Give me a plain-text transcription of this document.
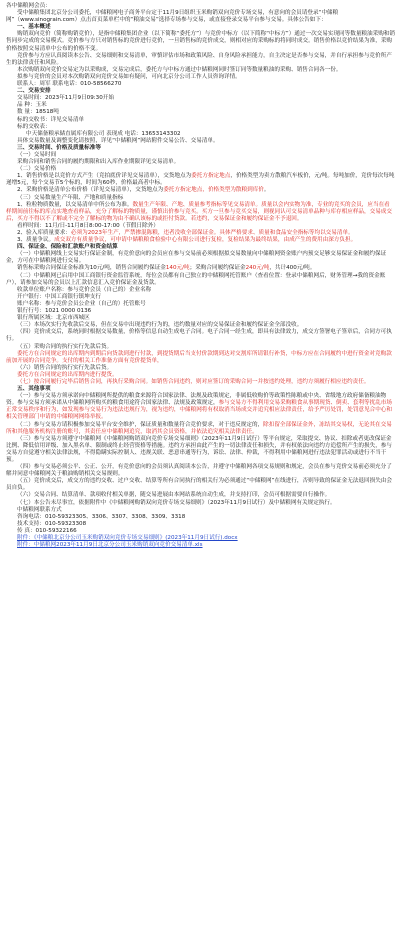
各中储粮网会员：

受中储粮集团北京分公司委托，中储粮网电子商务平台定于11月9日组织玉米购销双向竞价专场交易，有意向的会员请登录“中储粮网”（www.sinograin.com）点击首页菜单栏中的“粮油交易”选择专场参与交易，或直接登录交易平台参与交易。具体公告如下：

一、基本概述

购销双向竞价（简称购销竞价），是指中储粮集团企业（以下简称“委托方”）与竞价中标方（以下简称“中标方”）通过一次交易实现同等数量粮油采购和销售同步完成的交易模式。竞价参与方只对销售标的竞价进行竞价，一旦销售标的竞价成交，则相对应的采购标的将同时成交。销售价格以竞价结果为准，采购价格按照交易清单中公布的价格不变。

竞价参与方应认真阅读本公告、交易细则和交易清单，审慎评估市场和政策风险、自身风险承担能力，自主决定是否参与交易，并自行承担参与竞价所产生的法律责任和风险。

本次购销双向竞价交易定为以采购成，交易完成后，委托方与中标方通过中储粮网同时签订同等数量粮油的采购、销售合同各一份。

拟参与竞价的会员对本次购销双向竞价交易如有疑问，可向北京分公司工作人员咨询详情。

联系人：周军 联系电话：010-58566270

二、交易安排

交易时间：2023年11月9日09:30开始

品 种：玉米

数 量：18518吨

标的交收书：详见交易清单

标的交收表：

中天储备粮承储直属库有限公司 表现成 电话：13653143302

具体交易数量及调整变化请按照，详见“中储粮网”网站附件交易公告、交易清单。

三、交易时间、价格及质量标准等

（一）交易时间

采购合同和销售合同的履约期限和出入库作业期限详见交易清单。

（二）交易价格

1、销售价格是以竞价方式产生（竞拍底价详见交易清单），交货地点为委托方指定地点，价格类型为卖方散粮汽车板价，元/吨。每吨加价，竞价每次每吨递增5元，每个交易节5个标的，时间为60秒，价格最高者中标。

2、采购价格是清单公布价格（详见交易清单），交货地点为委托方指定地点，价格类型为散粮到库价。

（三）交易数量生产年限、产地和质量指标

1、粒粒物质数量，以交易清单中所公布为准。数量生产年限、产地、质量参考指标等见交易清单。质量以会内实物为准，专业的竞买的会员，应当在看样期间前往标的库点实地查看样品，充分了解标的物质量，谨慎出价参与竞买。买方一旦参与竞买交易，则视同认可交易清单品种与库存相应样品，交易成交后，买方不得以不了解或不完全了解标的物为由不确认该标的或拒付货款。若违约，交易保证金和履约保证金不予退回。

看样时间：11月/日-11月8日8:00-17:00（节假日除外）

2、验入库质量要求：必须为2023年生产，严禁掺混陈粮，违者没收全部保证金。具体严格要求、质量和食品安全指标等均以交易清单。

3、质量争议。成交双方有质量争议，可申请中储粮粮食检验中心有限公司进行复检，复检结果为最终结果，由成产生的费用由深方负担。

四、保证金、保险和汇款账户和资金结算

（一）中储粮网线上交易实行保证金制，有竞价意向的会员应在参与交易前必须根据拟交易数量向中储粮网资金账户内预交足够交易保证金和履约保证金，方可在中储粮网进行交易。

销售标采购合同保证金标准为10元/吨，销售合同履约保证金140元/吨；采购合同履约保证金240元/吨，共计400元/吨。

（二）中储粮网已启用中国工商银行资金监管系统，每位会员都有自己独立的中储粮网托管账户（查看位置：登录中储粮网后，财务管理→我的资金账户），请参加交易的会员以上汇款信息汇入竞价保证金及货款。

收款单位账户名称：参与竞价会员（自己的）企业名称

开户银行：中国工商银行镇坤支行

账户名称：参与竞价会员公企业（自己的）托管账号

银行行号：1021 0000 0136

银行所属区域：北京市西城区

（三）本场次实行先收款后交易，但在交易中出现违约行为的，违约数量对应的交易保证金和履约保证金全部没收。

（四）竞价成交后，系统同时根据交易数量，价格等信息自动生成电子合同。电子合同一经生成，即具有法律效力，成交方签署电子签章后，合同方可执行。

（五）采购合同的执行实行先款后货。

委托方在合同规定的出库期内到期后向货款到进行付款，到提货期后当支付价款期到达对交割库所请银行补货，中标方应在合同履约中进行资金对竞购款前加开展的合同竞争。支付的相关工作准备方面有竞价提货单，

（六）销售合同的执行实行先款后货。

委托方在合同规定的出库期内进行提货。

（七）按合同履行完毕后销售合同，再执行采购合同。如销售合同违约，则对应签订的采购合同一并按违约处理，违约方须履行相应违约责任。

五、其他事项

（一）参与交易方须承诺向中储粮网所提供的粮食来源符合国家法律、法规及政策规定，非属低收购价等政策性陈粮或中央、省级地方政府储备粮油物资。参与交易方须承诺从中储粮网所购买的粮食用途符合国家法律、法规及政策规定，参与交易方不得利用交易采购粮食从事期现货、倒卖、套利等扰乱市场正常交易秩序和行为，如发现参与交易行为违法违规行为，视为违约，中储粮网将有权取消当场成交并追究相应法律责任，给予严厉处罚，处罚意见合中心和相关管理部门申请的中储粮网网络举报。

（二）参与交易方请积极参加交易平台安全维护，保证质量和数量符合竞价要求，对于违反规定的，除扣留全部保证金外，冻结其交易权，无论其在交易所和其他服务机构注册的账号，其责任应中储粮网追究，取消其会员资格，并依法追究相关法律责任。

（三）参与交易方须遵守中储粮网《中储粮网购销双向竞价专场交易细则》（2023年11月9日试行）等平台规定，采取提交、协议、扣除或者更改保证金比例、降低信用评级、加入黑名单、限制或终止经营资格等措施。违约方承担由此产生的一切法律责任和损失，并有权依法向违约方追偿所产生的损失，参与交易方自觉遵守相关法律法规，不得隐瞒实际控制人、违规关联、恶意串通等行为，诉讼、法律、仲裁，不得利用中储粮网进行违法犯罪活动或进行不当干预。

（四）参与交易必须公平、公正、公开，有竞价意向的会员须认真阅读本公告，并遵守中储粮网各项交易规则和规定，会员在参与竞价交易前必须充分了解并同意中储粮网关于粮油购销相关交易规则。

（五）竞价成交后，成交方的违约交收、过户交收、结算等所有合同执行的相关行为必须通过“中储粮网”在线进行，否则导致的保证金无法退回损失由会员自负。

（六）交易合同、结算清单、款项收付相关单据，随交易进展由本网站系统自动生成，并支持打印，会员可根据需要自行操作。

（七）本公告未尽事宜，依据附件中《中储粮网购销双向竞价专场交易细则》（2023年11月9日试行）及中储粮网有关规定执行。

中储粮网联系方式

咨询电话：010-59323305、3306、3307、3308、3309、3318

技术支持：010-59323308

传 真：010-59322166

附件：《中储粮北京分公司玉米购销双向竞价专场交易细则》(2023年11月9日试行).docx

附件：中储粮网2023年11月9日北京分公司玉米购销双向竞价交易清单.xls
